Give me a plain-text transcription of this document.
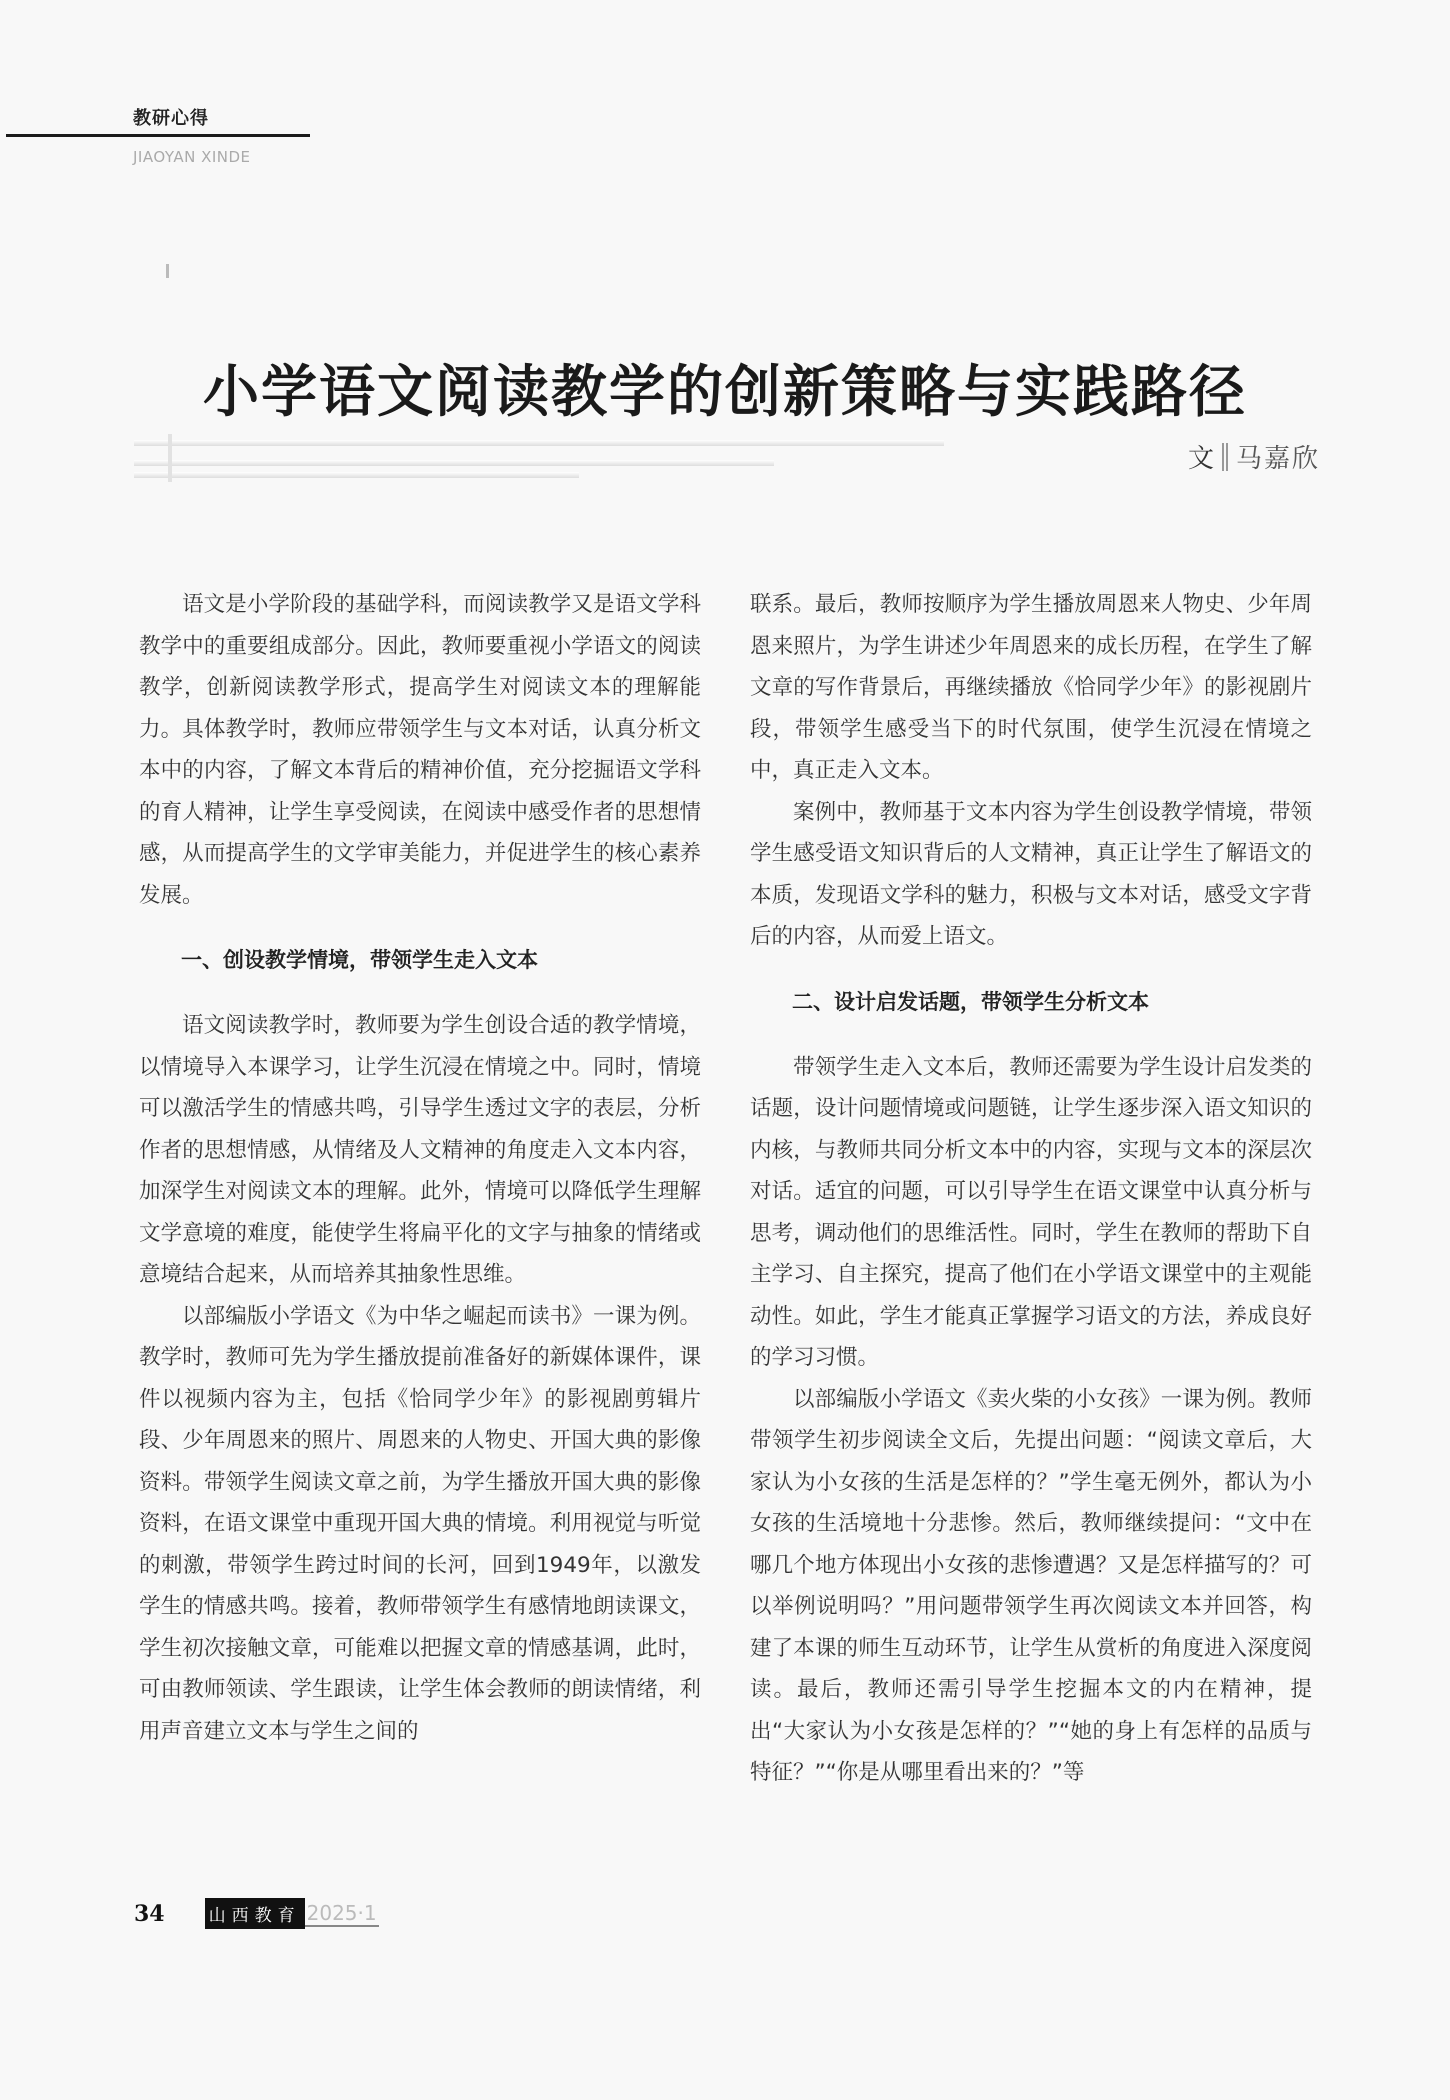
教研心得
JIAOYAN XINDE
小学语文阅读教学的创新策略与实践路径
文 马嘉欣

语文是小学阶段的基础学科，而阅读教学又是语文学科教学中的重要组成部分。因此，教师要重视小学语文的阅读教学，创新阅读教学形式，提高学生对阅读文本的理解能力。具体教学时，教师应带领学生与文本对话，认真分析文本中的内容，了解文本背后的精神价值，充分挖掘语文学科的育人精神，让学生享受阅读，在阅读中感受作者的思想情感，从而提高学生的文学审美能力，并促进学生的核心素养发展。

一、创设教学情境，带领学生走入文本

语文阅读教学时，教师要为学生创设合适的教学情境，以情境导入本课学习，让学生沉浸在情境之中。同时，情境可以激活学生的情感共鸣，引导学生透过文字的表层，分析作者的思想情感，从情绪及人文精神的角度走入文本内容，加深学生对阅读文本的理解。此外，情境可以降低学生理解文学意境的难度，能使学生将扁平化的文字与抽象的情绪或意境结合起来，从而培养其抽象性思维。

以部编版小学语文《为中华之崛起而读书》一课为例。教学时，教师可先为学生播放提前准备好的新媒体课件，课件以视频内容为主，包括《恰同学少年》的影视剧剪辑片段、少年周恩来的照片、周恩来的人物史、开国大典的影像资料。带领学生阅读文章之前，为学生播放开国大典的影像资料，在语文课堂中重现开国大典的情境。利用视觉与听觉的刺激，带领学生跨过时间的长河，回到1949年，以激发学生的情感共鸣。接着，教师带领学生有感情地朗读课文，学生初次接触文章，可能难以把握文章的情感基调，此时，可由教师领读、学生跟读，让学生体会教师的朗读情绪，利用声音建立文本与学生之间的

联系。最后，教师按顺序为学生播放周恩来人物史、少年周恩来照片，为学生讲述少年周恩来的成长历程，在学生了解文章的写作背景后，再继续播放《恰同学少年》的影视剧片段，带领学生感受当下的时代氛围，使学生沉浸在情境之中，真正走入文本。

案例中，教师基于文本内容为学生创设教学情境，带领学生感受语文知识背后的人文精神，真正让学生了解语文的本质，发现语文学科的魅力，积极与文本对话，感受文字背后的内容，从而爱上语文。

二、设计启发话题，带领学生分析文本

带领学生走入文本后，教师还需要为学生设计启发类的话题，设计问题情境或问题链，让学生逐步深入语文知识的内核，与教师共同分析文本中的内容，实现与文本的深层次对话。适宜的问题，可以引导学生在语文课堂中认真分析与思考，调动他们的思维活性。同时，学生在教师的帮助下自主学习、自主探究，提高了他们在小学语文课堂中的主观能动性。如此，学生才能真正掌握学习语文的方法，养成良好的学习习惯。

以部编版小学语文《卖火柴的小女孩》一课为例。教师带领学生初步阅读全文后，先提出问题：“阅读文章后，大家认为小女孩的生活是怎样的？”学生毫无例外，都认为小女孩的生活境地十分悲惨。然后，教师继续提问：“文中在哪几个地方体现出小女孩的悲惨遭遇？又是怎样描写的？可以举例说明吗？”用问题带领学生再次阅读文本并回答，构建了本课的师生互动环节，让学生从赏析的角度进入深度阅读。最后，教师还需引导学生挖掘本文的内在精神，提出“大家认为小女孩是怎样的？”“她的身上有怎样的品质与特征？”“你是从哪里看出来的？”等

34	山西教育 2025·1
